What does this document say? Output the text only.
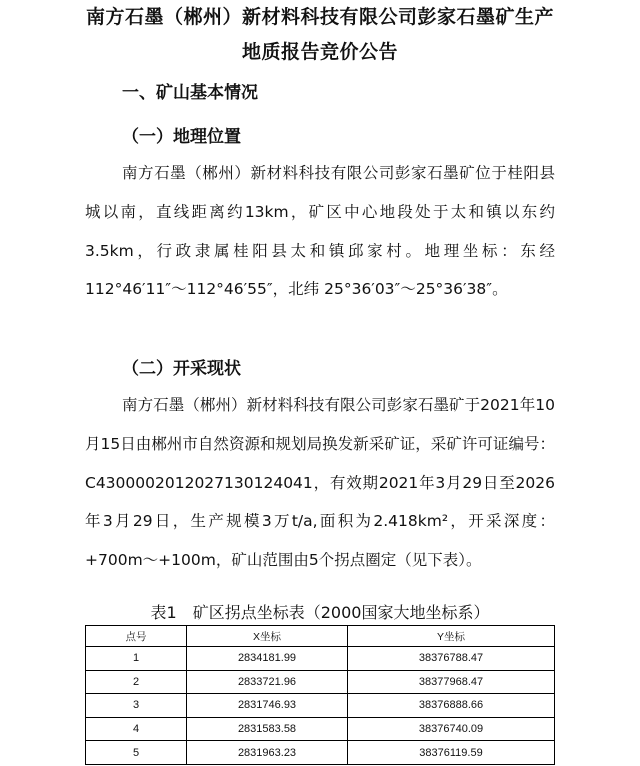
南方石墨（郴州）新材料科技有限公司彭家石墨矿生产
地质报告竞价公告
一、矿山基本情况
（一）地理位置

南方石墨（郴州）新材料科技有限公司彭家石墨矿位于桂阳县城以南，直线距离约13km，矿区中心地段处于太和镇以东约3.5km，行政隶属桂阳县太和镇邱家村。地理坐标：东经112°46′11″～112°46′55″，北纬 25°36′03″～25°36′38″。

（二）开采现状

南方石墨（郴州）新材料科技有限公司彭家石墨矿于2021年10月15日由郴州市自然资源和规划局换发新采矿证，采矿许可证编号：C4300002012027130124041，有效期2021年3月29日至2026年3月29日，生产规模3万t/a,面积为2.418km²，开采深度：+700m～+100m，矿山范围由5个拐点圈定（见下表）。

表1　矿区拐点坐标表（2000国家大地坐标系）

点号	X坐标	Y坐标
1	2834181.99	38376788.47
2	2833721.96	38377968.47
3	2831746.93	38376888.66
4	2831583.58	38376740.09
5	2831963.23	38376119.59
